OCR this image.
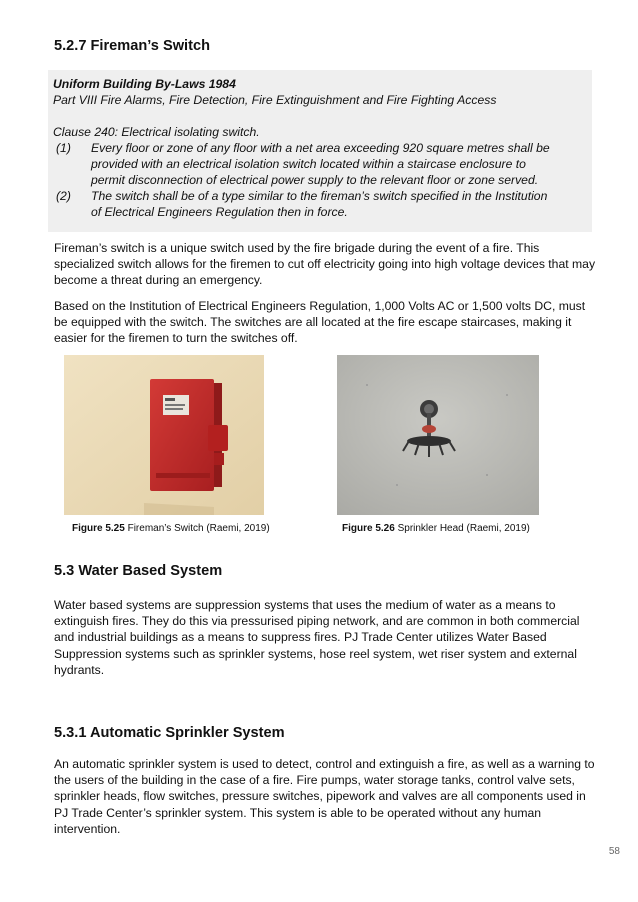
5.2.7 Fireman’s Switch
Uniform Building By-Laws 1984
Part VIII Fire Alarms, Fire Detection, Fire Extinguishment and Fire Fighting Access
Clause 240: Electrical isolating switch.
(1) Every floor or zone of any floor with a net area exceeding 920 square metres shall be
provided with an electrical isolation switch located within a staircase enclosure to
permit disconnection of electrical power supply to the relevant floor or zone served.
(2) The switch shall be of a type similar to the fireman’s switch specified in the Institution
of Electrical Engineers Regulation then in force.

Fireman’s switch is a unique switch used by the fire brigade during the event of a fire. This specialized switch allows for the firemen to cut off electricity going into high voltage devices that may become a threat during an emergency.

Based on the Institution of Electrical Engineers Regulation, 1,000 Volts AC or 1,500 volts DC, must be equipped with the switch. The switches are all located at the fire escape staircases, making it easier for the firemen to turn the switches off.

Figure 5.25 Fireman’s Switch (Raemi, 2019)	Figure 5.26 Sprinkler Head (Raemi, 2019)
5.3 Water Based System

Water based systems are suppression systems that uses the medium of water as a means to extinguish fires. They do this via pressurised piping network, and are common in both commercial and industrial buildings as a means to suppress fires. PJ Trade Center utilizes Water Based Suppression systems such as sprinkler systems, hose reel system, wet riser system and external hydrants.

5.3.1 Automatic Sprinkler System

An automatic sprinkler system is used to detect, control and extinguish a fire, as well as a warning to the users of the building in the case of a fire. Fire pumps, water storage tanks, control valve sets, sprinkler heads, flow switches, pressure switches, pipework and valves are all components used in PJ Trade Center’s sprinkler system. This system is able to be operated without any human intervention.

58
